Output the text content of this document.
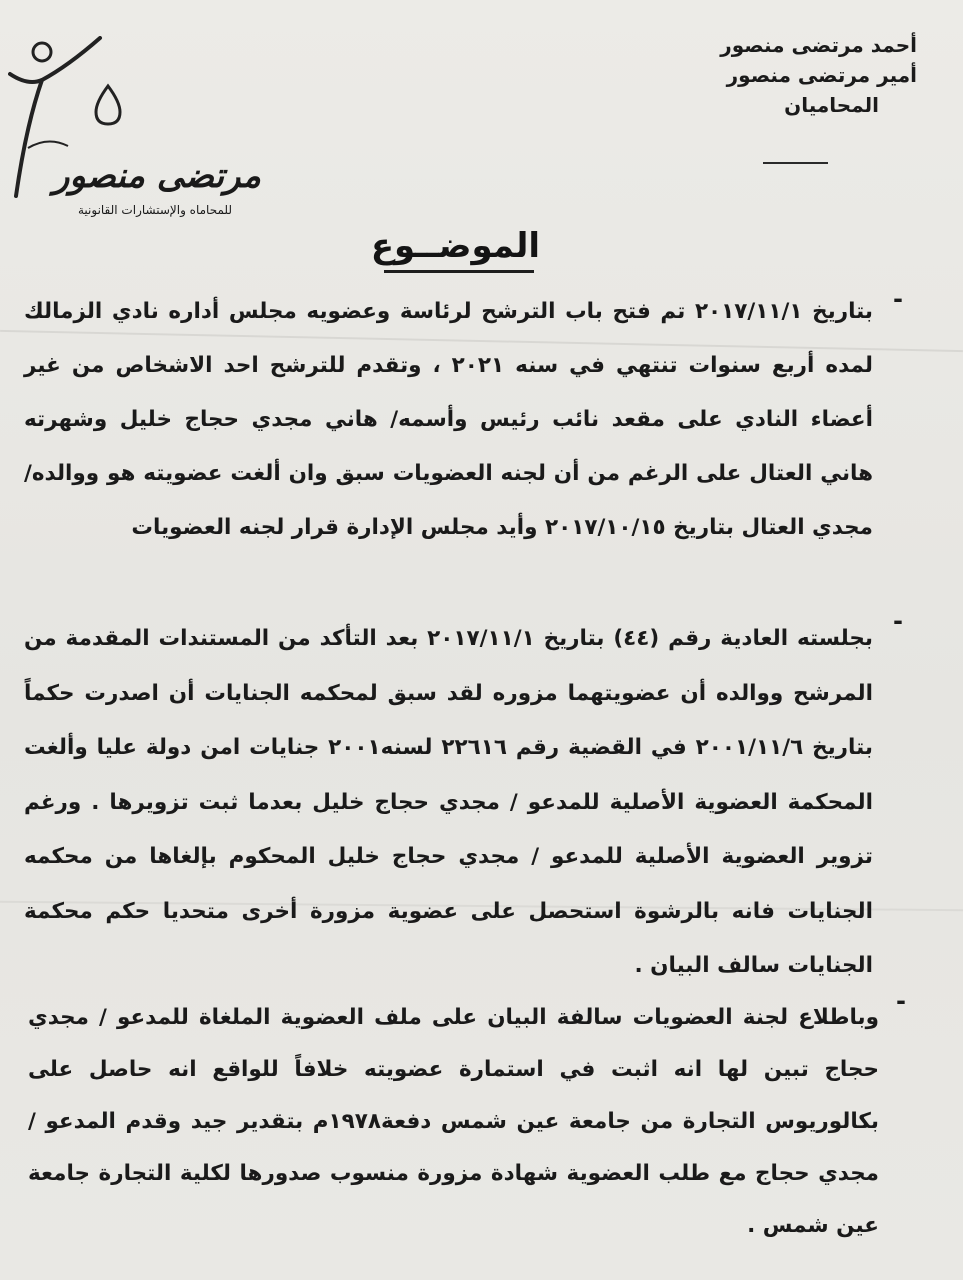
مرتضى منصور
للمحاماه والإستشارات القانونية
أحمد مرتضى منصور
أمير مرتضى منصور
المحاميان
الموضــوع
-
بتاريخ ٢٠١٧/١١/١ تم فتح باب الترشح لرئاسة وعضويه مجلس أداره نادي الزمالك لمده أربع سنوات تنتهي في سنه ٢٠٢١ ، وتقدم للترشح احد الاشخاص من غير أعضاء النادي على مقعد نائب رئيس وأسمه/ هاني مجدي حجاج خليل وشهرته هاني العتال على الرغم من أن لجنه العضويات سبق وان ألغت عضويته هو ووالده/مجدي العتال بتاريخ ٢٠١٧/١٠/١٥ وأيد مجلس الإدارة قرار لجنه العضويات
-
بجلسته العادية رقم (٤٤) بتاريخ ٢٠١٧/١١/١ بعد التأكد من المستندات المقدمة من المرشح ووالده أن عضويتهما مزوره لقد سبق لمحكمه الجنايات أن اصدرت حكماً بتاريخ ٢٠٠١/١١/٦ في القضية رقم ٢٢٦١٦ لسنه٢٠٠١ جنايات امن دولة عليا وألغت المحكمة العضوية الأصلية للمدعو / مجدي حجاج خليل بعدما ثبت تزويرها . ورغم تزوير العضوية الأصلية للمدعو / مجدي حجاج خليل المحكوم بإلغاها من محكمه الجنايات فانه بالرشوة استحصل على عضوية مزورة أخرى متحديا حكم محكمة الجنايات سالف البيان .
-
وباطلاع لجنة العضويات سالفة البيان على ملف العضوية الملغاة للمدعو / مجدي حجاج تبين لها انه اثبت في استمارة عضويته خلافاً للواقع انه حاصل على بكالوريوس التجارة من جامعة عين شمس دفعة١٩٧٨م بتقدير جيد وقدم المدعو / مجدي حجاج مع طلب العضوية شهادة مزورة منسوب صدورها لكلية التجارة جامعة عين شمس .
